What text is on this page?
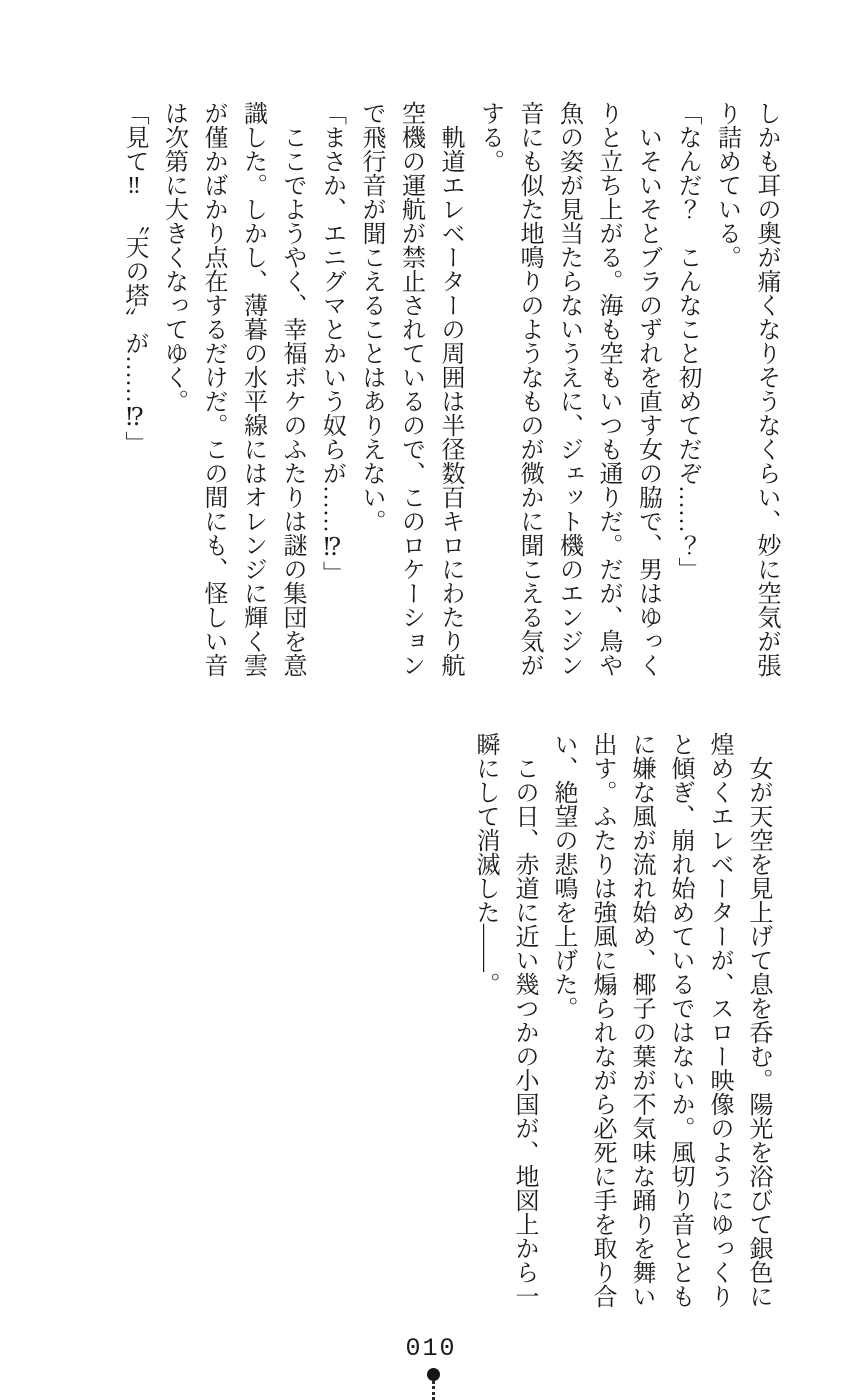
しかも耳の奥が痛くなりそうなくらい、妙に空気が張
り詰めている。
「なんだ？　こんなこと初めてだぞ……？」
　いそいそとブラのずれを直す女の脇で、男はゆっく
りと立ち上がる。海も空もいつも通りだ。だが、鳥や
魚の姿が見当たらないうえに、ジェット機のエンジン
音にも似た地鳴りのようなものが微かに聞こえる気が
する。
　軌道エレベーターの周囲は半径数百キロにわたり航
空機の運航が禁止されているので、このロケーション
で飛行音が聞こえることはありえない。
「まさか、エニグマとかいう奴らが……⁉」
　ここでようやく、幸福ボケのふたりは謎の集団を意
識した。しかし、薄暮の水平線にはオレンジに輝く雲
が僅かばかり点在するだけだ。この間にも、怪しい音
は次第に大きくなってゆく。
「見て‼　〝天の塔〟が……⁉」
　女が天空を見上げて息を呑む。陽光を浴びて銀色に
煌めくエレベーターが、スロー映像のようにゆっくり
と傾ぎ、崩れ始めているではないか。風切り音ととも
に嫌な風が流れ始め、椰子の葉が不気味な踊りを舞い
出す。ふたりは強風に煽られながら必死に手を取り合
い、絶望の悲鳴を上げた。
　この日、赤道に近い幾つかの小国が、地図上から一
瞬にして消滅した——。
010
